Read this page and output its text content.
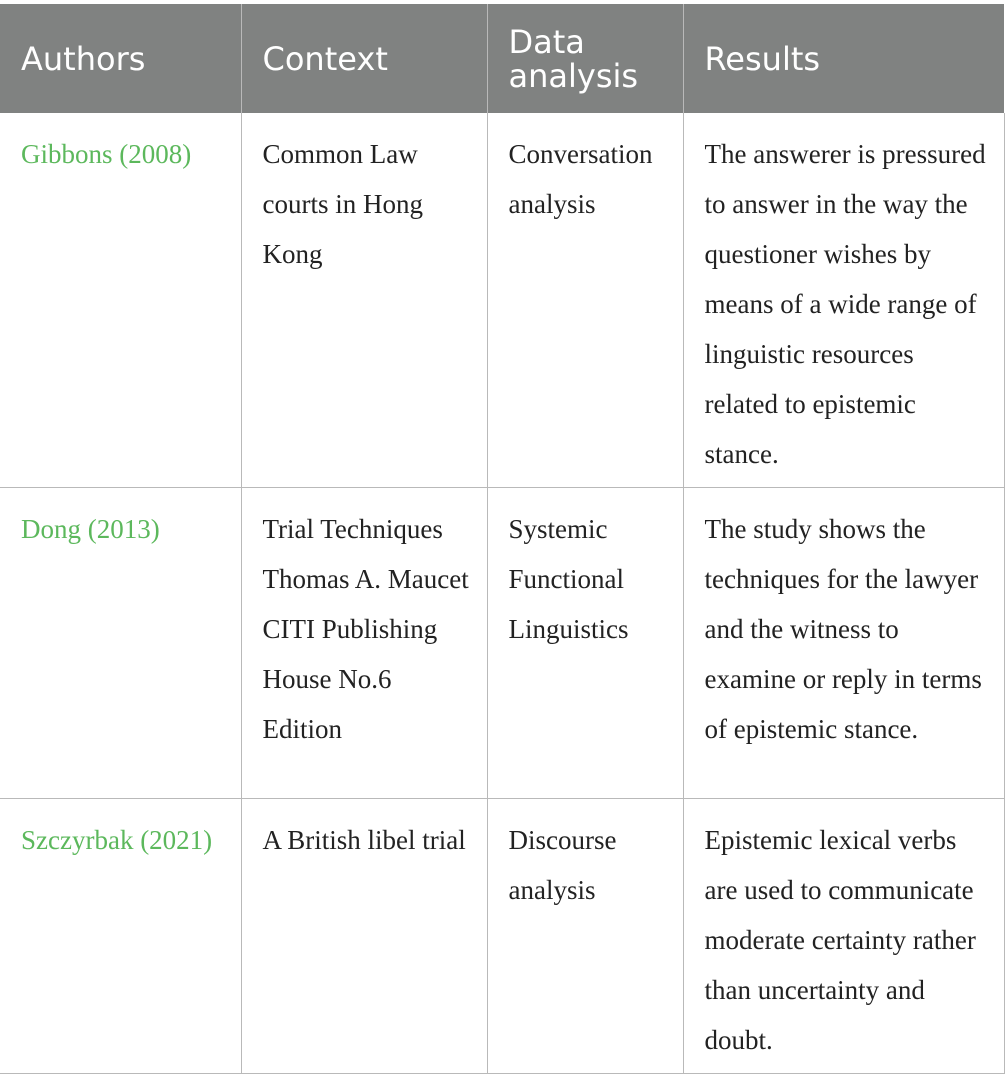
Authors	Context	Data analysis	Results
Gibbons (2008)	Common Law courts in Hong Kong	Conversation analysis	The answerer is pressured to answer in the way the questioner wishes by means of a wide range of linguistic resources related to epistemic stance.
Dong (2013)	Trial Techniques Thomas A. Maucet CITI Publishing House No.6 Edition	Systemic Functional Linguistics	The study shows the techniques for the lawyer and the witness to examine or reply in terms of epistemic stance.
Szczyrbak (2021)	A British libel trial	Discourse analysis	Epistemic lexical verbs are used to communicate moderate certainty rather than uncertainty and doubt.
